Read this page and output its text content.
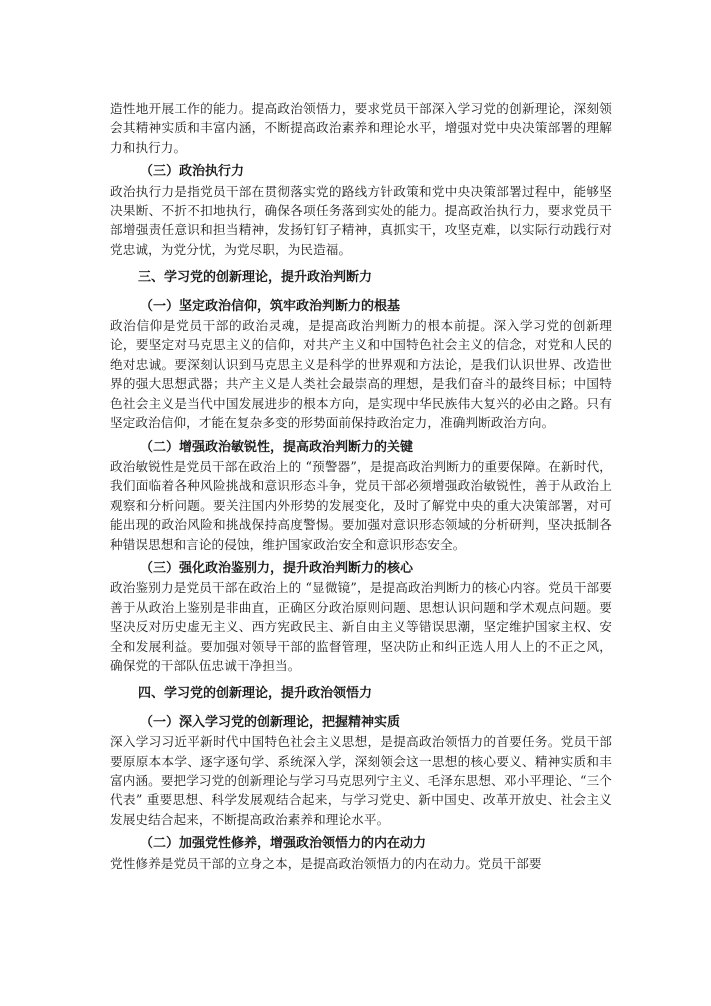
造性地开展工作的能力。提高政治领悟力，要求党员干部深入学习党的创新理论，深刻领会其精神实质和丰富内涵，不断提高政治素养和理论水平，增强对党中央决策部署的理解力和执行力。

（三）政治执行力

政治执行力是指党员干部在贯彻落实党的路线方针政策和党中央决策部署过程中，能够坚决果断、不折不扣地执行，确保各项任务落到实处的能力。提高政治执行力，要求党员干部增强责任意识和担当精神，发扬钉钉子精神，真抓实干，攻坚克难，以实际行动践行对党忠诚，为党分忧，为党尽职，为民造福。

三、学习党的创新理论，提升政治判断力

（一）坚定政治信仰，筑牢政治判断力的根基

政治信仰是党员干部的政治灵魂，是提高政治判断力的根本前提。深入学习党的创新理论，要坚定对马克思主义的信仰，对共产主义和中国特色社会主义的信念，对党和人民的绝对忠诚。要深刻认识到马克思主义是科学的世界观和方法论，是我们认识世界、改造世界的强大思想武器；共产主义是人类社会最崇高的理想，是我们奋斗的最终目标；中国特色社会主义是当代中国发展进步的根本方向，是实现中华民族伟大复兴的必由之路。只有坚定政治信仰，才能在复杂多变的形势面前保持政治定力，准确判断政治方向。

（二）增强政治敏锐性，提高政治判断力的关键

政治敏锐性是党员干部在政治上的 “预警器”，是提高政治判断力的重要保障。在新时代，我们面临着各种风险挑战和意识形态斗争，党员干部必须增强政治敏锐性，善于从政治上观察和分析问题。要关注国内外形势的发展变化，及时了解党中央的重大决策部署，对可能出现的政治风险和挑战保持高度警惕。要加强对意识形态领域的分析研判，坚决抵制各种错误思想和言论的侵蚀，维护国家政治安全和意识形态安全。

（三）强化政治鉴别力，提升政治判断力的核心

政治鉴别力是党员干部在政治上的 “显微镜”，是提高政治判断力的核心内容。党员干部要善于从政治上鉴别是非曲直，正确区分政治原则问题、思想认识问题和学术观点问题。要坚决反对历史虚无主义、西方宪政民主、新自由主义等错误思潮，坚定维护国家主权、安全和发展利益。要加强对领导干部的监督管理，坚决防止和纠正选人用人上的不正之风，确保党的干部队伍忠诚干净担当。

四、学习党的创新理论，提升政治领悟力

（一）深入学习党的创新理论，把握精神实质

深入学习习近平新时代中国特色社会主义思想，是提高政治领悟力的首要任务。党员干部要原原本本学、逐字逐句学、系统深入学，深刻领会这一思想的核心要义、精神实质和丰富内涵。要把学习党的创新理论与学习马克思列宁主义、毛泽东思想、邓小平理论、“三个代表” 重要思想、科学发展观结合起来，与学习党史、新中国史、改革开放史、社会主义发展史结合起来，不断提高政治素养和理论水平。

（二）加强党性修养，增强政治领悟力的内在动力

党性修养是党员干部的立身之本，是提高政治领悟力的内在动力。党员干部要
